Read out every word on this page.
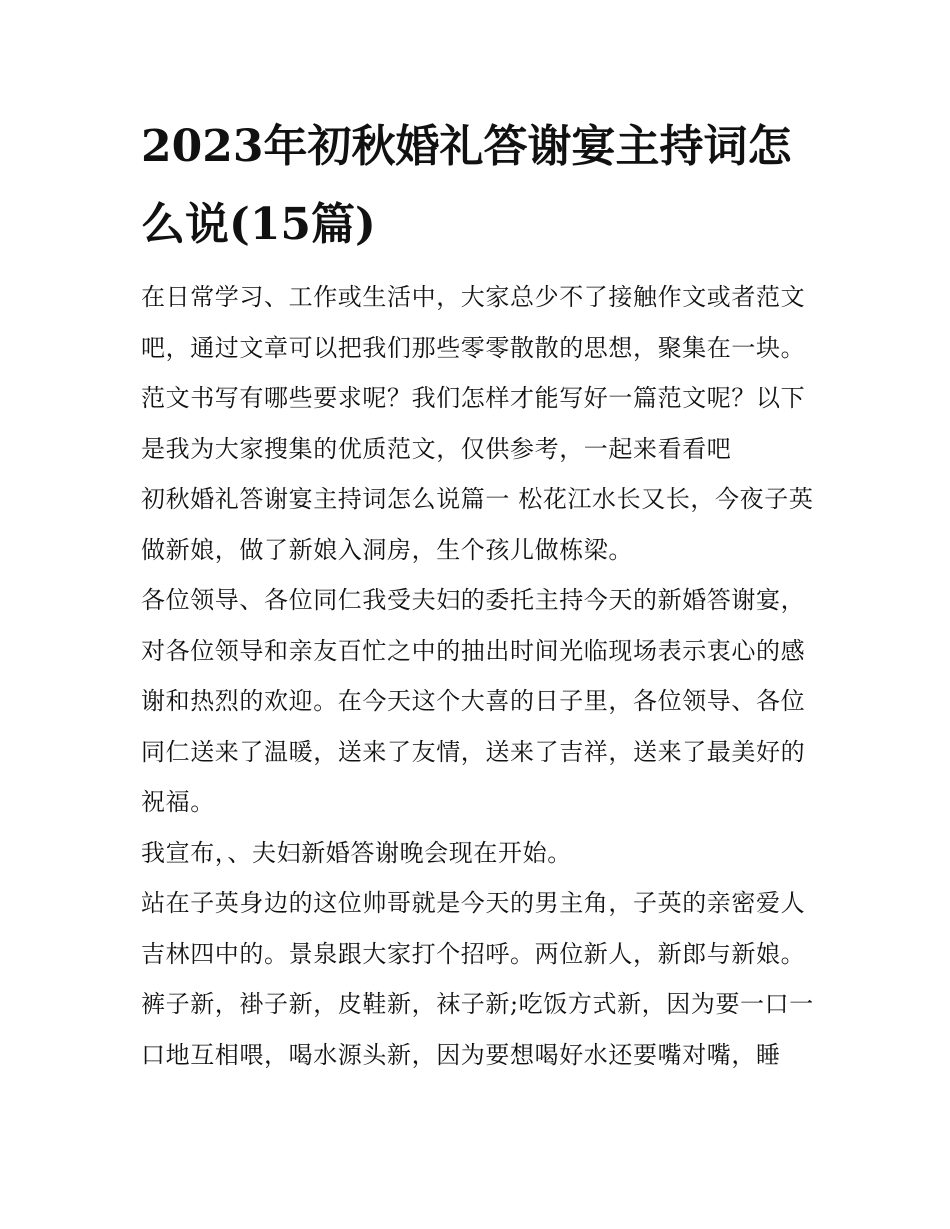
2023年初秋婚礼答谢宴主持词怎么说(15篇)

在日常学习、工作或生活中，大家总少不了接触作文或者范文吧，通过文章可以把我们那些零零散散的思想，聚集在一块。范文书写有哪些要求呢？我们怎样才能写好一篇范文呢？以下是我为大家搜集的优质范文，仅供参考，一起来看看吧

初秋婚礼答谢宴主持词怎么说篇一 松花江水长又长，今夜子英做新娘，做了新娘入洞房，生个孩儿做栋梁。

各位领导、各位同仁我受夫妇的委托主持今天的新婚答谢宴，对各位领导和亲友百忙之中的抽出时间光临现场表示衷心的感谢和热烈的欢迎。在今天这个大喜的日子里，各位领导、各位同仁送来了温暖，送来了友情，送来了吉祥，送来了最美好的祝福。

我宣布，、夫妇新婚答谢晚会现在开始。

站在子英身边的这位帅哥就是今天的男主角，子英的亲密爱人吉林四中的。景泉跟大家打个招呼。两位新人，新郎与新娘。裤子新，褂子新，皮鞋新，袜子新;吃饭方式新，因为要一口一口地互相喂，喝水源头新，因为要想喝好水还要嘴对嘴，睡
